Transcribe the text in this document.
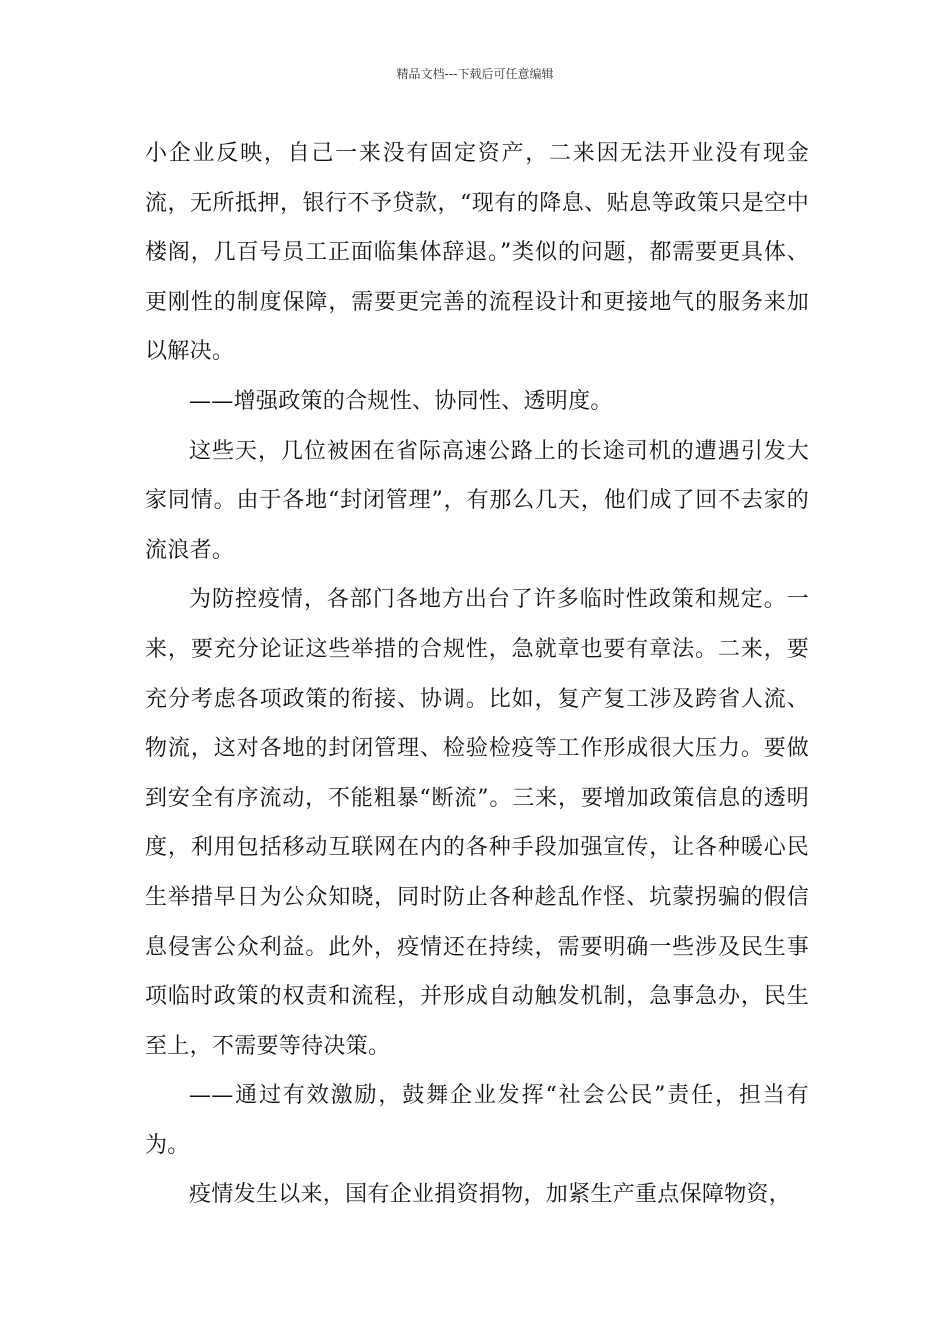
精品文档---下载后可任意编辑

小企业反映，自己一来没有固定资产，二来因无法开业没有现金流，无所抵押，银行不予贷款，“现有的降息、贴息等政策只是空中楼阁，几百号员工正面临集体辞退。”类似的问题，都需要更具体、更刚性的制度保障，需要更完善的流程设计和更接地气的服务来加以解决。

——增强政策的合规性、协同性、透明度。

这些天，几位被困在省际高速公路上的长途司机的遭遇引发大家同情。由于各地“封闭管理”，有那么几天，他们成了回不去家的流浪者。

为防控疫情，各部门各地方出台了许多临时性政策和规定。一来，要充分论证这些举措的合规性，急就章也要有章法。二来，要充分考虑各项政策的衔接、协调。比如，复产复工涉及跨省人流、物流，这对各地的封闭管理、检验检疫等工作形成很大压力。要做到安全有序流动，不能粗暴“断流”。三来，要增加政策信息的透明度，利用包括移动互联网在内的各种手段加强宣传，让各种暖心民生举措早日为公众知晓，同时防止各种趁乱作怪、坑蒙拐骗的假信息侵害公众利益。此外，疫情还在持续，需要明确一些涉及民生事项临时政策的权责和流程，并形成自动触发机制，急事急办，民生至上，不需要等待决策。

——通过有效激励，鼓舞企业发挥“社会公民”责任，担当有为。

疫情发生以来，国有企业捐资捐物，加紧生产重点保障物资，
